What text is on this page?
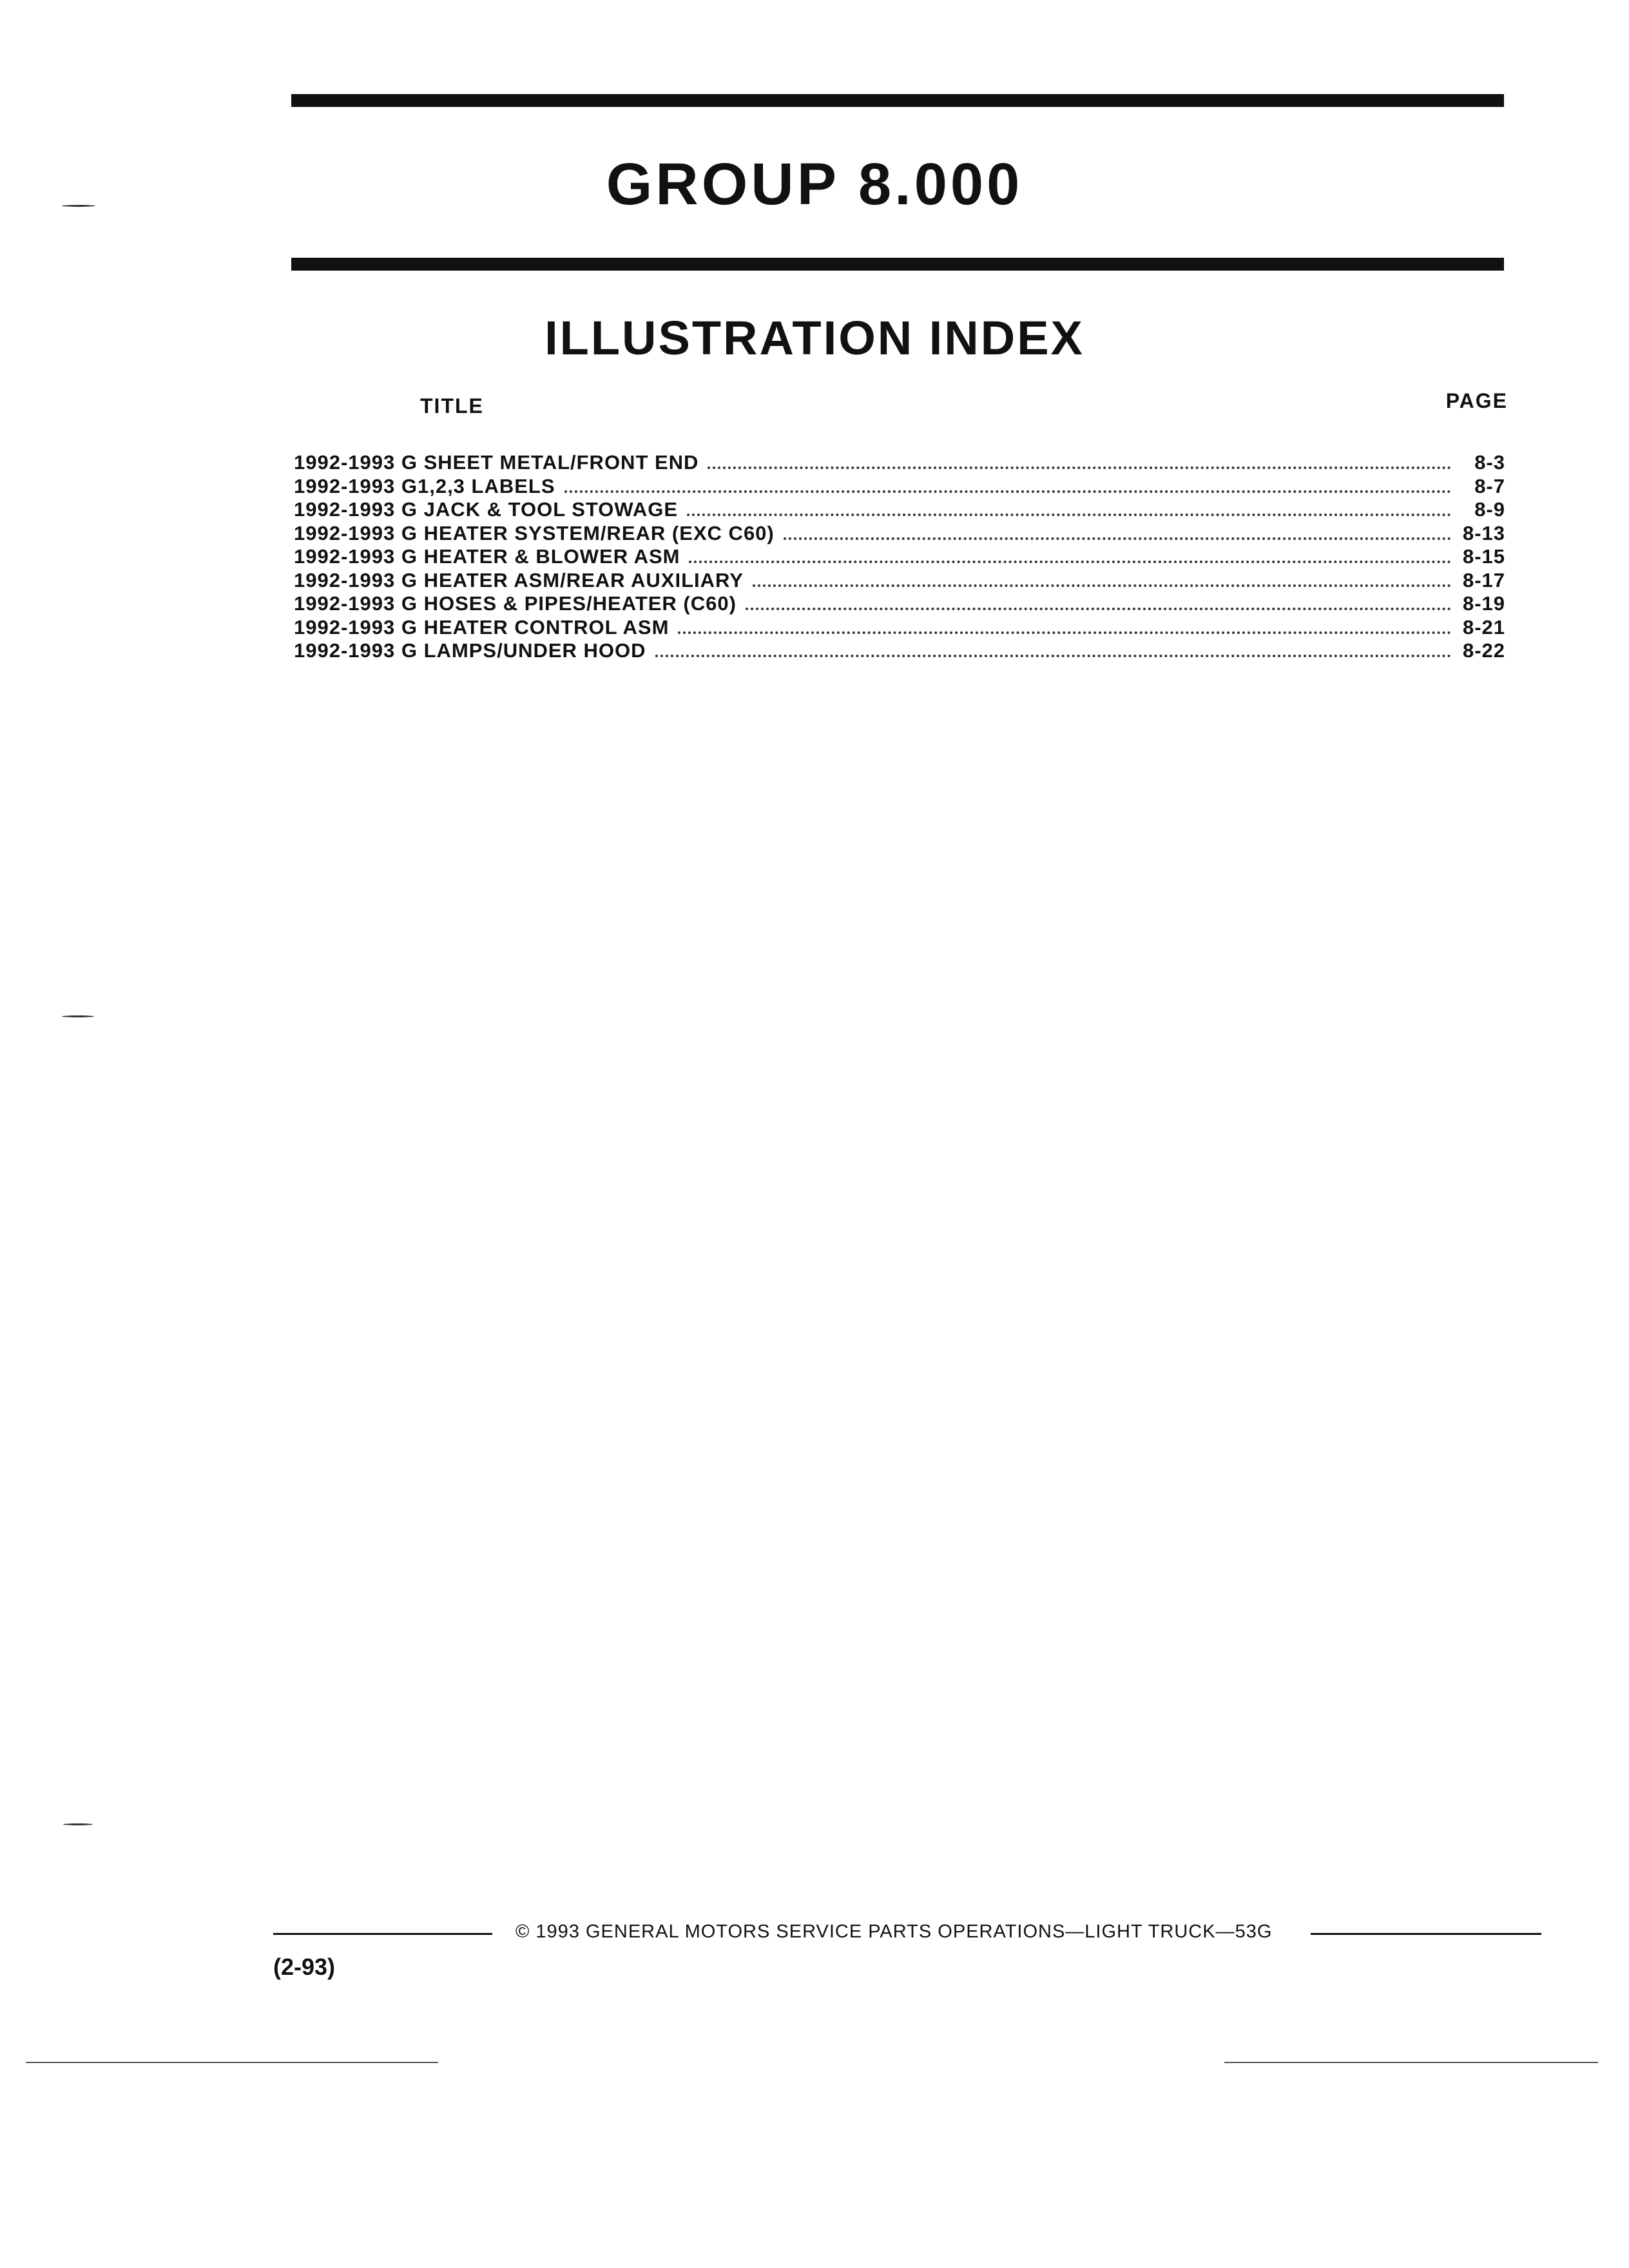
GROUP 8.000
ILLUSTRATION INDEX
TITLE	PAGE
1992-1993 G SHEET METAL/FRONT END	8-3
1992-1993 G1,2,3 LABELS	8-7
1992-1993 G JACK & TOOL STOWAGE	8-9
1992-1993 G HEATER SYSTEM/REAR (EXC C60)	8-13
1992-1993 G HEATER & BLOWER ASM	8-15
1992-1993 G HEATER ASM/REAR AUXILIARY	8-17
1992-1993 G HOSES & PIPES/HEATER (C60)	8-19
1992-1993 G HEATER CONTROL ASM	8-21
1992-1993 G LAMPS/UNDER HOOD	8-22
© 1993 GENERAL MOTORS SERVICE PARTS OPERATIONS—LIGHT TRUCK—53G
(2-93)
